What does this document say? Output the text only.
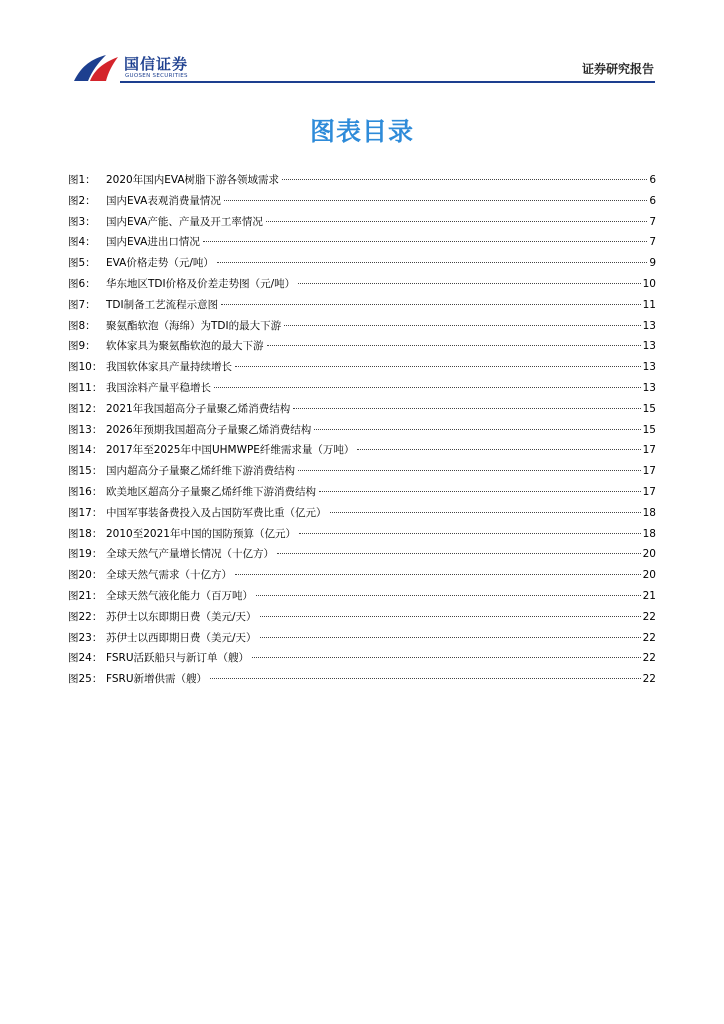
国信证券
GUOSEN SECURITIES	证券研究报告
图表目录
图1： 2020年国内EVA树脂下游各领域需求	6
图2： 国内EVA表观消费量情况	6
图3： 国内EVA产能、产量及开工率情况	7
图4： 国内EVA进出口情况	7
图5： EVA价格走势（元/吨）	9
图6： 华东地区TDI价格及价差走势图（元/吨）	10
图7： TDI制备工艺流程示意图	11
图8： 聚氨酯软泡（海绵）为TDI的最大下游	13
图9： 软体家具为聚氨酯软泡的最大下游	13
图10： 我国软体家具产量持续增长	13
图11： 我国涂料产量平稳增长	13
图12： 2021年我国超高分子量聚乙烯消费结构	15
图13： 2026年预期我国超高分子量聚乙烯消费结构	15
图14： 2017年至2025年中国UHMWPE纤维需求量（万吨）	17
图15： 国内超高分子量聚乙烯纤维下游消费结构	17
图16： 欧美地区超高分子量聚乙烯纤维下游消费结构	17
图17： 中国军事装备费投入及占国防军费比重（亿元）	18
图18： 2010至2021年中国的国防预算（亿元）	18
图19： 全球天然气产量增长情况（十亿方）	20
图20： 全球天然气需求（十亿方）	20
图21： 全球天然气液化能力（百万吨）	21
图22： 苏伊士以东即期日费（美元/天）	22
图23： 苏伊士以西即期日费（美元/天）	22
图24： FSRU活跃船只与新订单（艘）	22
图25： FSRU新增供需（艘）	22
